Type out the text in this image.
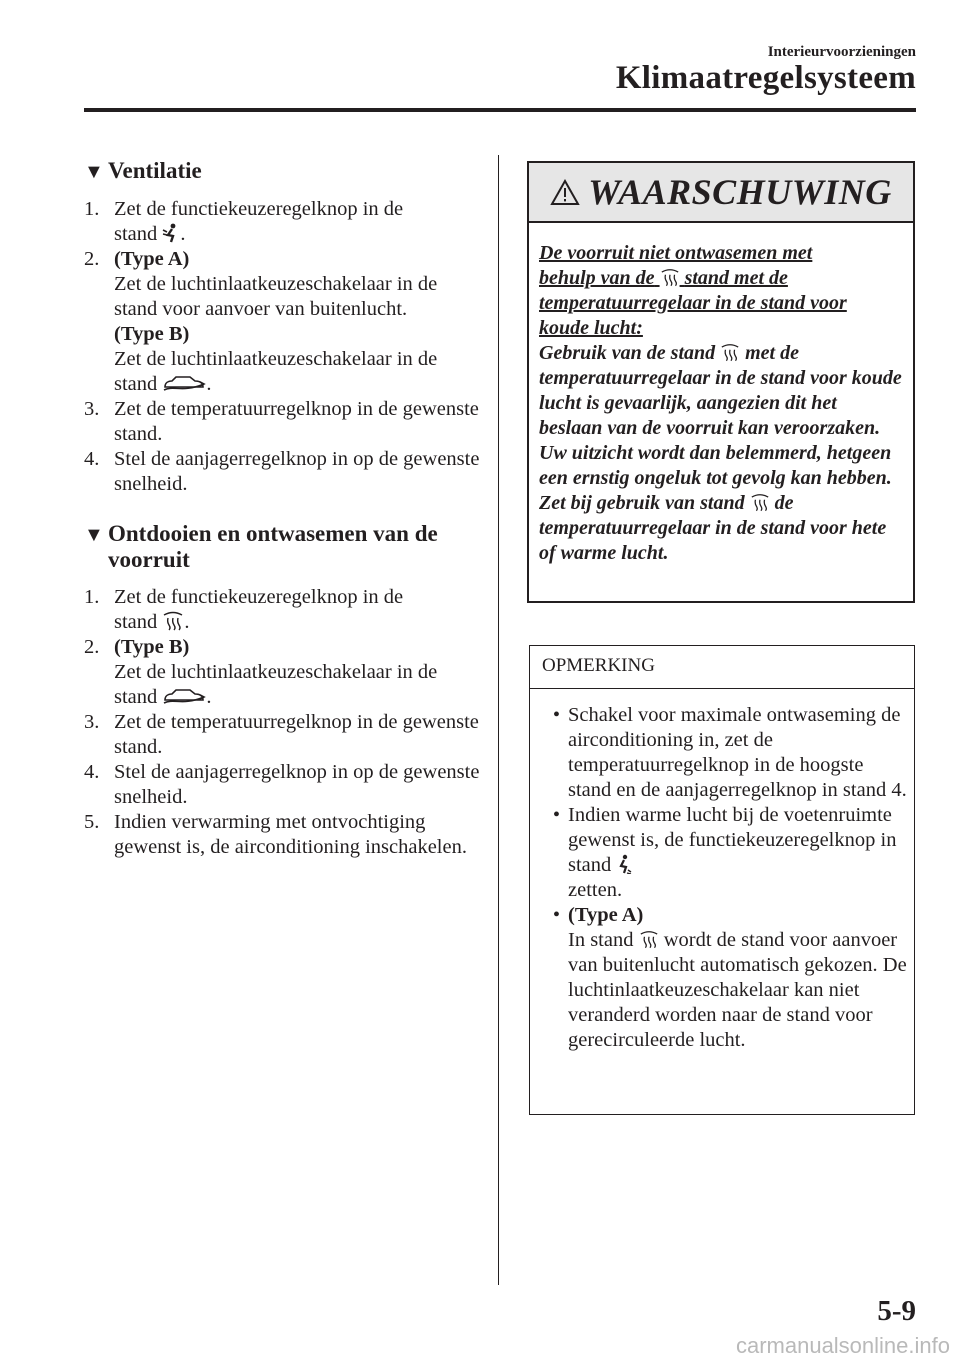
Interieurvoorzieningen
Klimaatregelsysteem
▼ Ventilatie
1. Zet de functiekeuzeregelknop in de
stand .
2. (Type A)
Zet de luchtinlaatkeuzeschakelaar in de stand voor aanvoer van buitenlucht.
(Type B)
Zet de luchtinlaatkeuzeschakelaar in de
stand .
3. Zet de temperatuurregelknop in de gewenste stand.
4. Stel de aanjagerregelknop in op de gewenste snelheid.
▼ Ontdooien en ontwasemen van de voorruit
1. Zet de functiekeuzeregelknop in de
stand .
2. (Type B)
Zet de luchtinlaatkeuzeschakelaar in de
stand .
3. Zet de temperatuurregelknop in de gewenste stand.
4. Stel de aanjagerregelknop in op de gewenste snelheid.
5. Indien verwarming met ontvochtiging gewenst is, de airconditioning inschakelen.
WAARSCHUWING
De voorruit niet ontwasemen met
behulp van de stand met de
temperatuurregelaar in de stand voor
koude lucht:
Gebruik van de stand met de temperatuurregelaar in de stand voor koude lucht is gevaarlijk, aangezien dit het beslaan van de voorruit kan veroorzaken. Uw uitzicht wordt dan belemmerd, hetgeen een ernstig ongeluk tot gevolg kan hebben. Zet bij gebruik van stand de temperatuurregelaar in de stand voor hete of warme lucht.
OPMERKING
• Schakel voor maximale ontwaseming de airconditioning in, zet de temperatuurregelknop in de hoogste stand en de aanjagerregelknop in stand 4.
• Indien warme lucht bij de voetenruimte gewenst is, de functiekeuzeregelknop in stand
zetten.
• (Type A)
In stand wordt de stand voor aanvoer van buitenlucht automatisch gekozen. De luchtinlaatkeuzeschakelaar kan niet veranderd worden naar de stand voor gerecirculeerde lucht.
5-9
carmanualsonline.info
